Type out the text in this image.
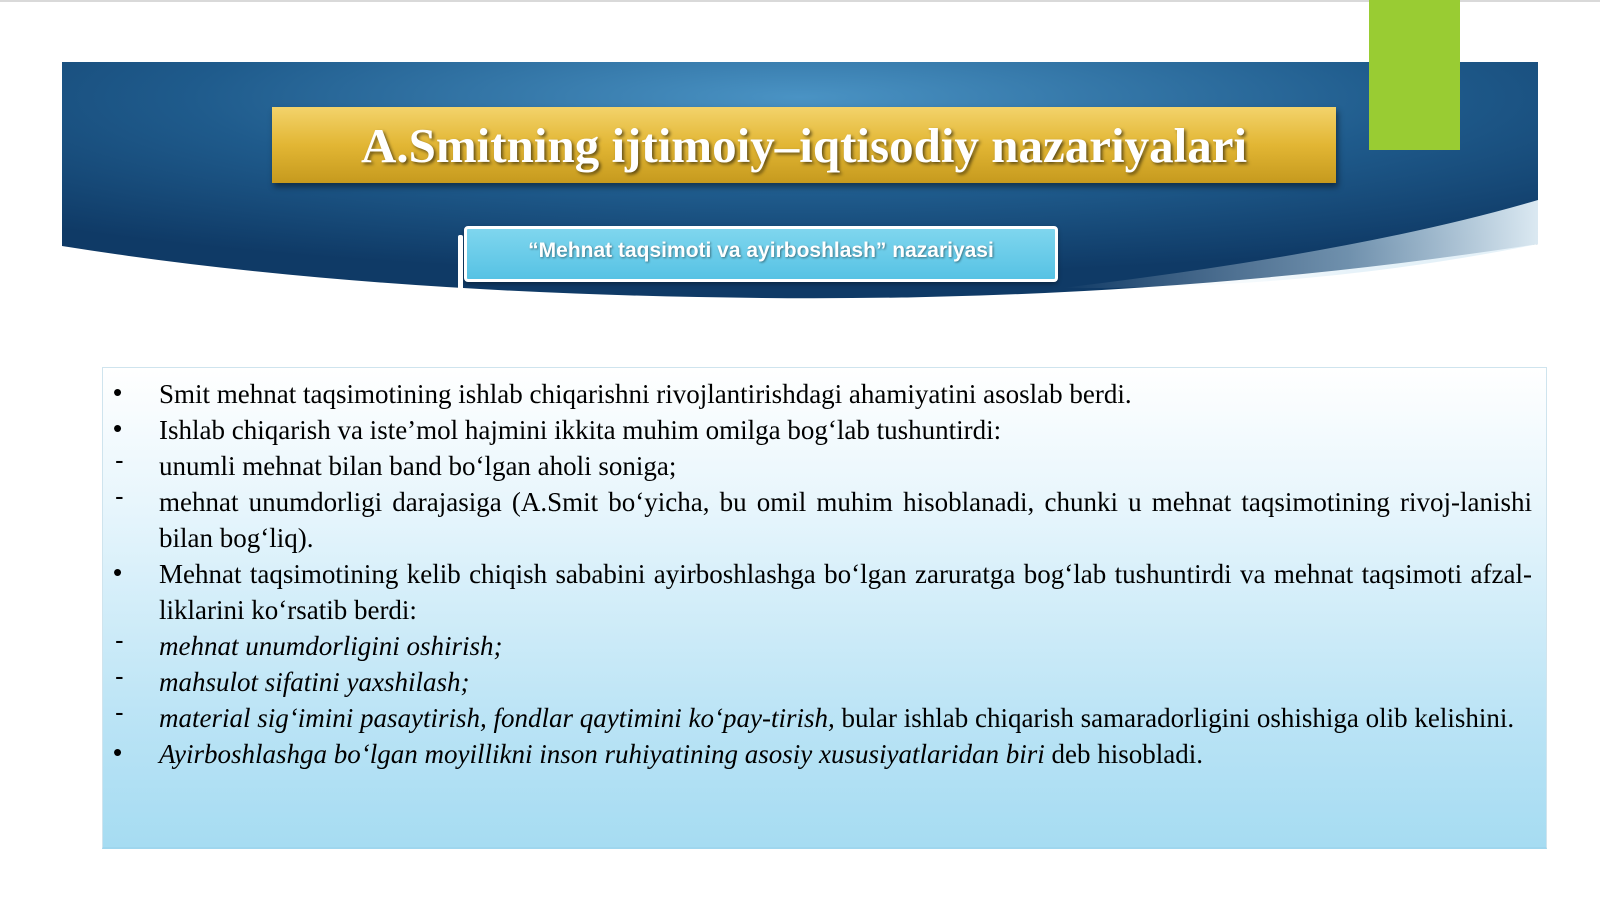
A.Smitning ijtimoiy–iqtisodiy nazariyalari
“Mehnat taqsimoti va ayirboshlash” nazariyasi
•	Smit mehnat taqsimotining ishlab chiqarishni rivojlantirishdagi ahamiyatini asoslab berdi.
•	Ishlab chiqarish va iste’mol hajmini ikkita muhim omilga bog‘lab tushuntirdi:
-	unumli mehnat bilan band bo‘lgan aholi soniga;
-	mehnat unumdorligi darajasiga (A.Smit bo‘yicha, bu omil muhim hisoblanadi, chunki u mehnat taqsimotining rivoj-lanishi bilan bog‘liq).
•	Mehnat taqsimotining kelib chiqish sababini ayirboshlashga bo‘lgan zaruratga bog‘lab tushuntirdi va mehnat taqsimoti afzal-liklarini ko‘rsatib berdi:
-	mehnat unumdorligini oshirish;
-	mahsulot sifatini yaxshilash;
-	material sig‘imini pasaytirish, fondlar qaytimini ko‘pay-tirish, bular ishlab chiqarish samaradorligini oshishiga olib kelishini.
•	Ayirboshlashga bo‘lgan moyillikni inson ruhiyatining asosiy xususiyatlaridan biri deb hisobladi.
